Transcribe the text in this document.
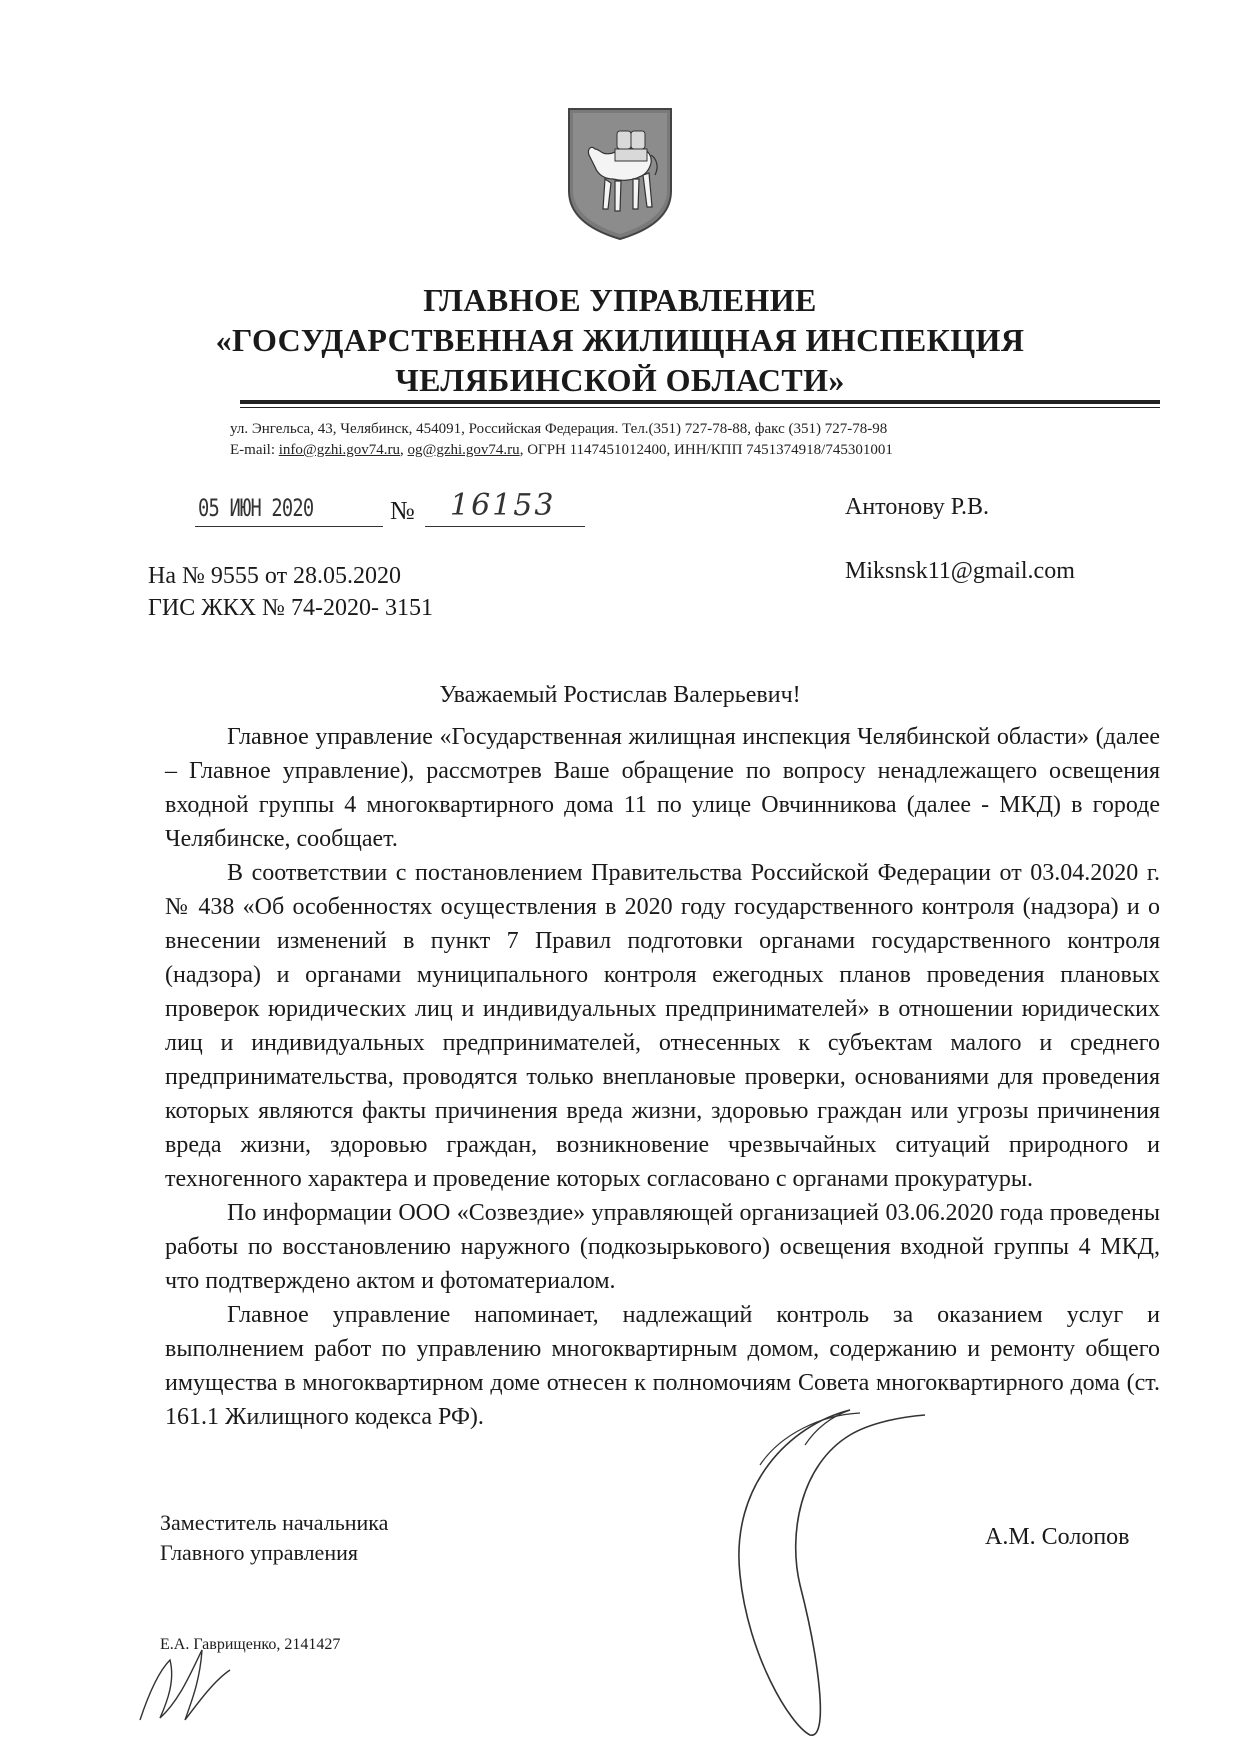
ГЛАВНОЕ УПРАВЛЕНИЕ
«ГОСУДАРСТВЕННАЯ ЖИЛИЩНАЯ ИНСПЕКЦИЯ
ЧЕЛЯБИНСКОЙ ОБЛАСТИ»
ул. Энгельса, 43, Челябинск, 454091, Российская Федерация. Тел.(351) 727-78-88, факс (351) 727-78-98
E-mail: info@gzhi.gov74.ru, og@gzhi.gov74.ru, ОГРН 1147451012400, ИНН/КПП 7451374918/745301001
05 ИЮН 2020	№ 16153	Антонову Р.В.
Miksnsk11@gmail.com
На № 9555 от 28.05.2020
ГИС ЖКХ № 74-2020- 3151
Уважаемый Ростислав Валерьевич!

Главное управление «Государственная жилищная инспекция Челябинской области» (далее – Главное управление), рассмотрев Ваше обращение по вопросу ненадлежащего освещения входной группы 4 многоквартирного дома 11 по улице Овчинникова (далее - МКД) в городе Челябинске, сообщает.

В соответствии с постановлением Правительства Российской Федерации от 03.04.2020 г. № 438 «Об особенностях осуществления в 2020 году государственного контроля (надзора) и о внесении изменений в пункт 7 Правил подготовки органами государственного контроля (надзора) и органами муниципального контроля ежегодных планов проведения плановых проверок юридических лиц и индивидуальных предпринимателей» в отношении юридических лиц и индивидуальных предпринимателей, отнесенных к субъектам малого и среднего предпринимательства, проводятся только внеплановые проверки, основаниями для проведения которых являются факты причинения вреда жизни, здоровью граждан или угрозы причинения вреда жизни, здоровью граждан, возникновение чрезвычайных ситуаций природного и техногенного характера и проведение которых согласовано с органами прокуратуры.

По информации ООО «Созвездие» управляющей организацией 03.06.2020 года проведены работы по восстановлению наружного (подкозырькового) освещения входной группы 4 МКД, что подтверждено актом и фотоматериалом.

Главное управление напоминает, надлежащий контроль за оказанием услуг и выполнением работ по управлению многоквартирным домом, содержанию и ремонту общего имущества в многоквартирном доме отнесен к полномочиям Совета многоквартирного дома (ст. 161.1 Жилищного кодекса РФ).

Заместитель начальника
Главного управления
А.М. Солопов
Е.А. Гаврищенко, 2141427
